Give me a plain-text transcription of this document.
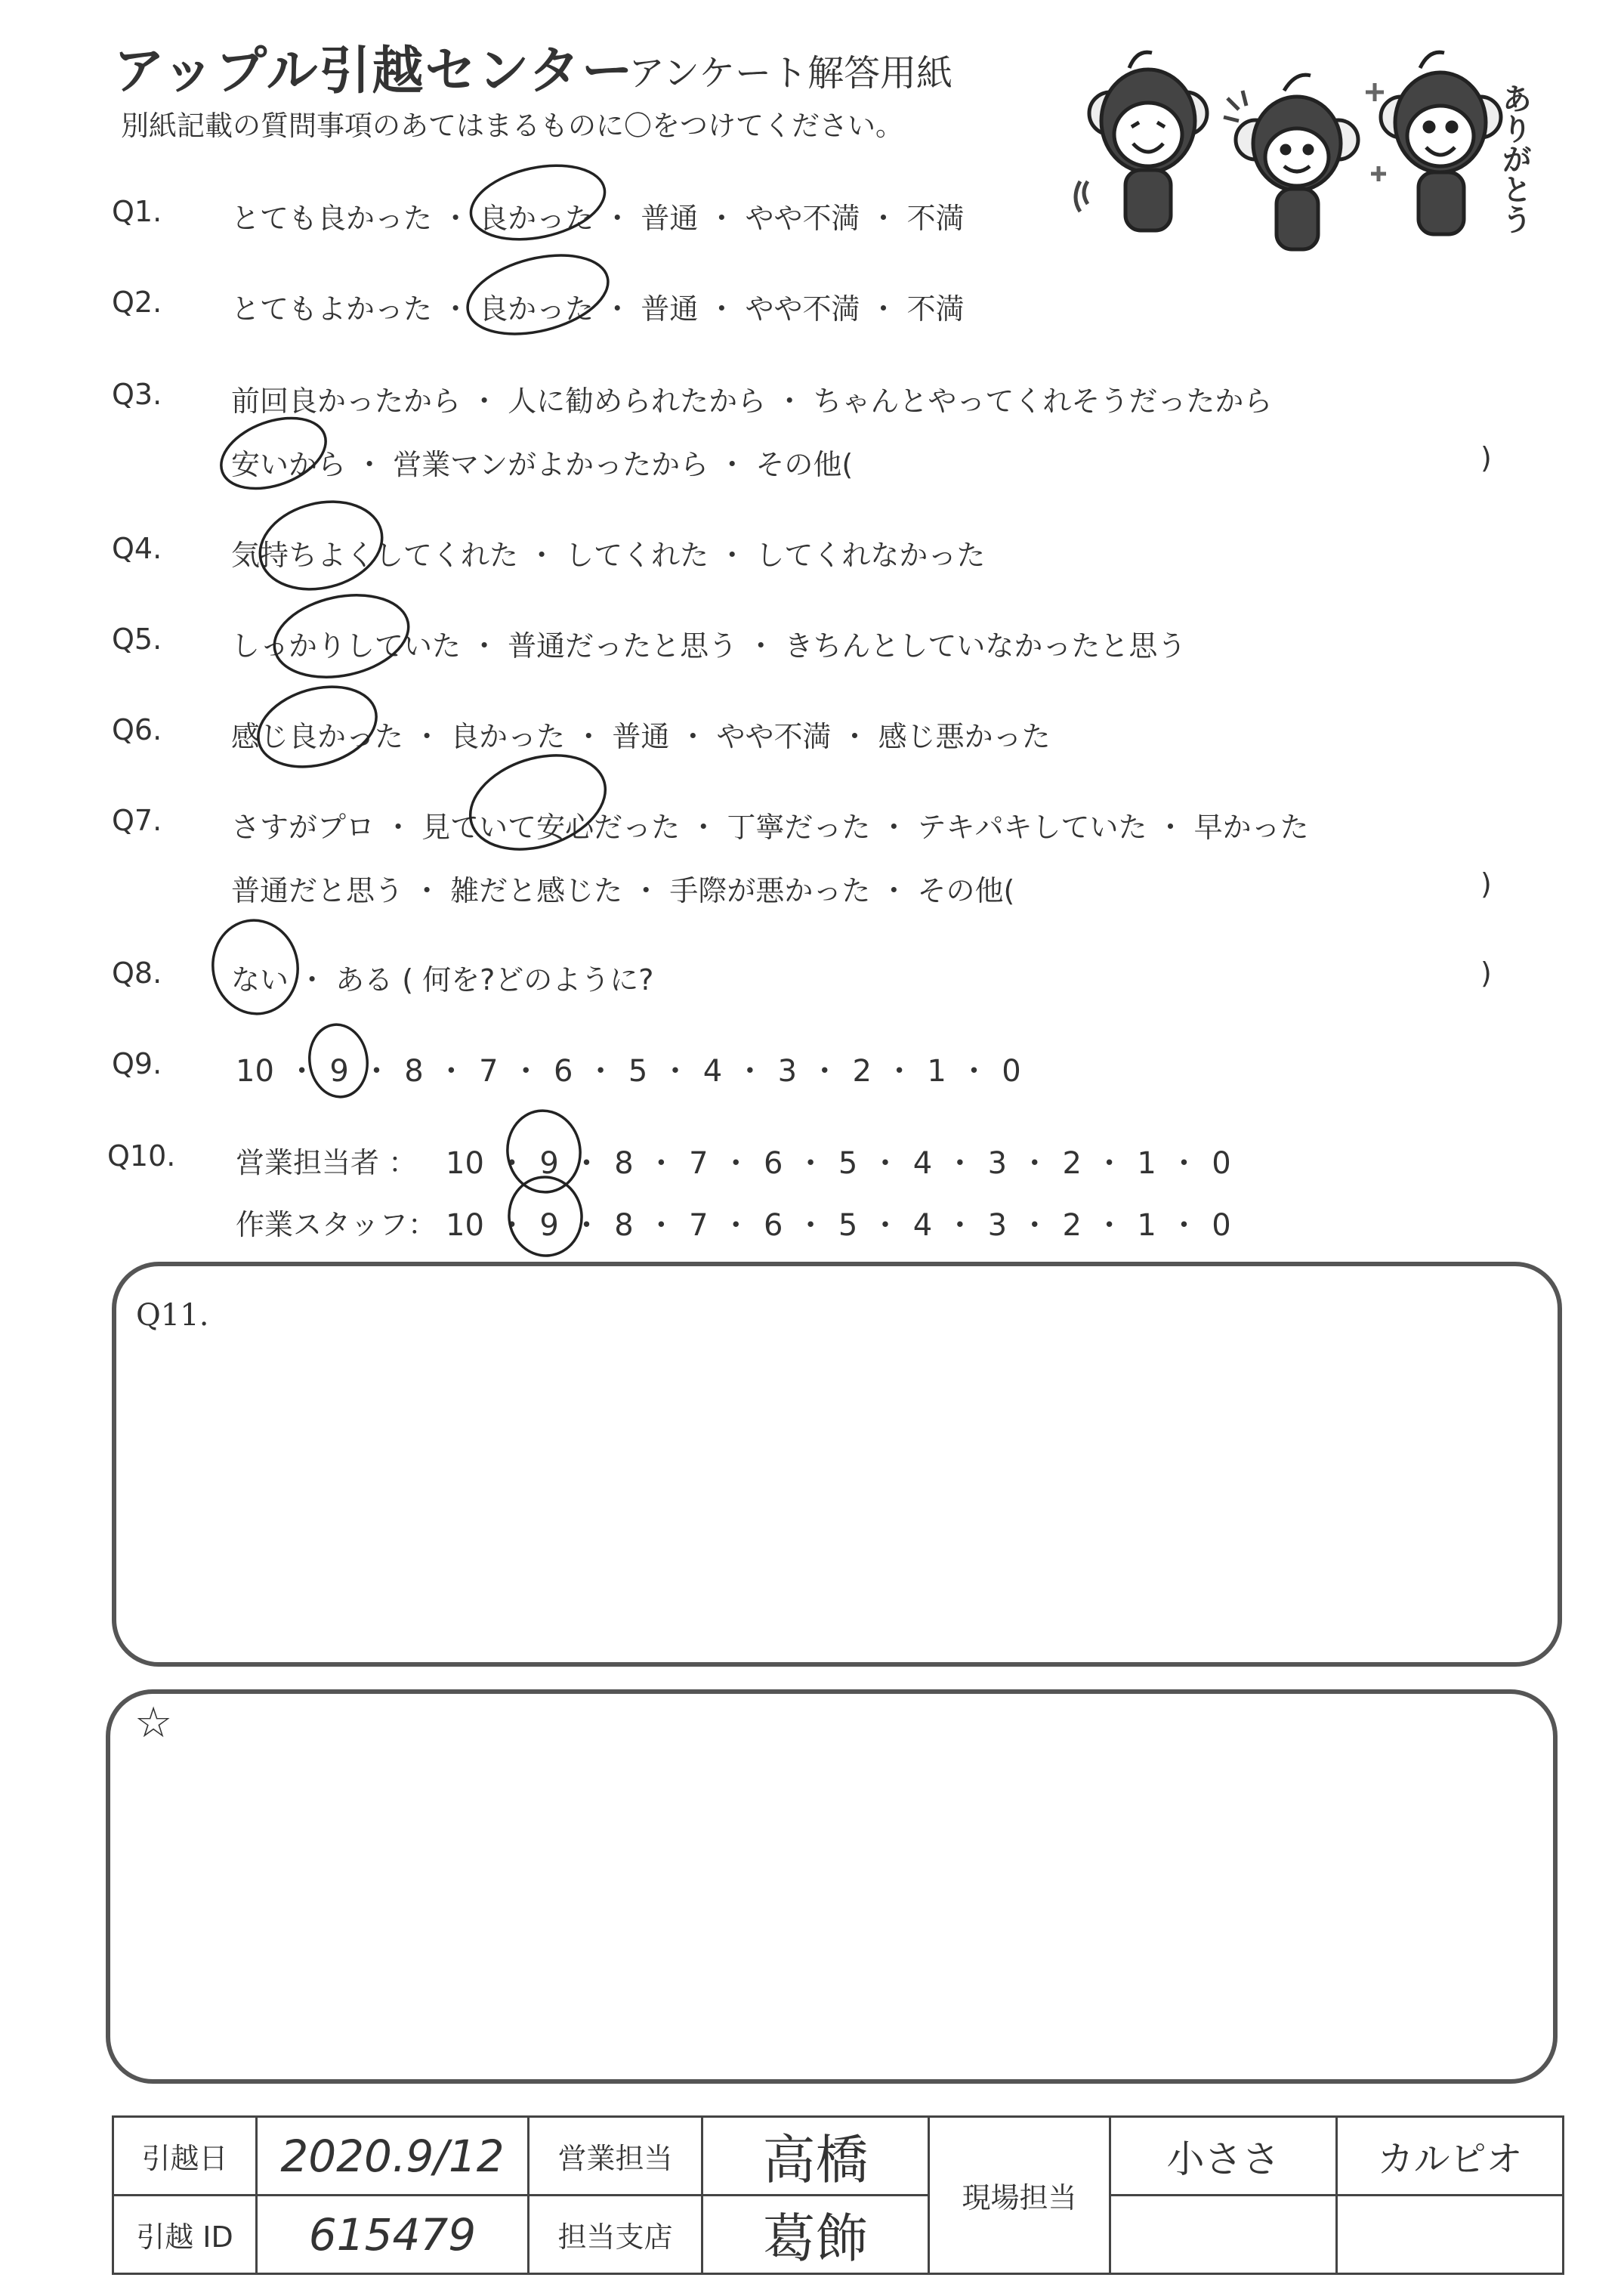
アップル引越センター
アンケート解答用紙
別紙記載の質問事項のあてはまるものに〇をつけてください。	ありがとう
Q1. とても良かった ・ 良かった ・ 普通 ・ やや不満 ・ 不満
Q2. とてもよかった ・ 良かった ・ 普通 ・ やや不満 ・ 不満
Q3. 前回良かったから ・ 人に勧められたから ・ ちゃんとやってくれそうだったから
安いから ・ 営業マンがよかったから ・ その他(	)
Q4. 気持ちよくしてくれた ・ してくれた ・ してくれなかった
Q5. しっかりしていた ・ 普通だったと思う ・ きちんとしていなかったと思う
Q6. 感じ良かった ・ 良かった ・ 普通 ・ やや不満 ・ 感じ悪かった
Q7. さすがプロ ・ 見ていて安心だった ・ 丁寧だった ・ テキパキしていた ・ 早かった
普通だと思う ・ 雑だと感じた ・ 手際が悪かった ・ その他(	)
Q8. ない ・ ある ( 何を?どのように?	)
Q9. 10 ・ 9 ・ 8 ・ 7 ・ 6 ・ 5 ・ 4 ・ 3 ・ 2 ・ 1 ・ 0
Q10. 営業担当者 ： 10 ・ 9 ・ 8 ・ 7 ・ 6 ・ 5 ・ 4 ・ 3 ・ 2 ・ 1 ・ 0
作業スタッフ： 10 ・ 9 ・ 8 ・ 7 ・ 6 ・ 5 ・ 4 ・ 3 ・ 2 ・ 1 ・ 0
Q11.
☆
引越日	2020.9/12	営業担当	高橋	現場担当	小ささ	カルピオ
引越 ID	615479	担当支店	葛飾			
